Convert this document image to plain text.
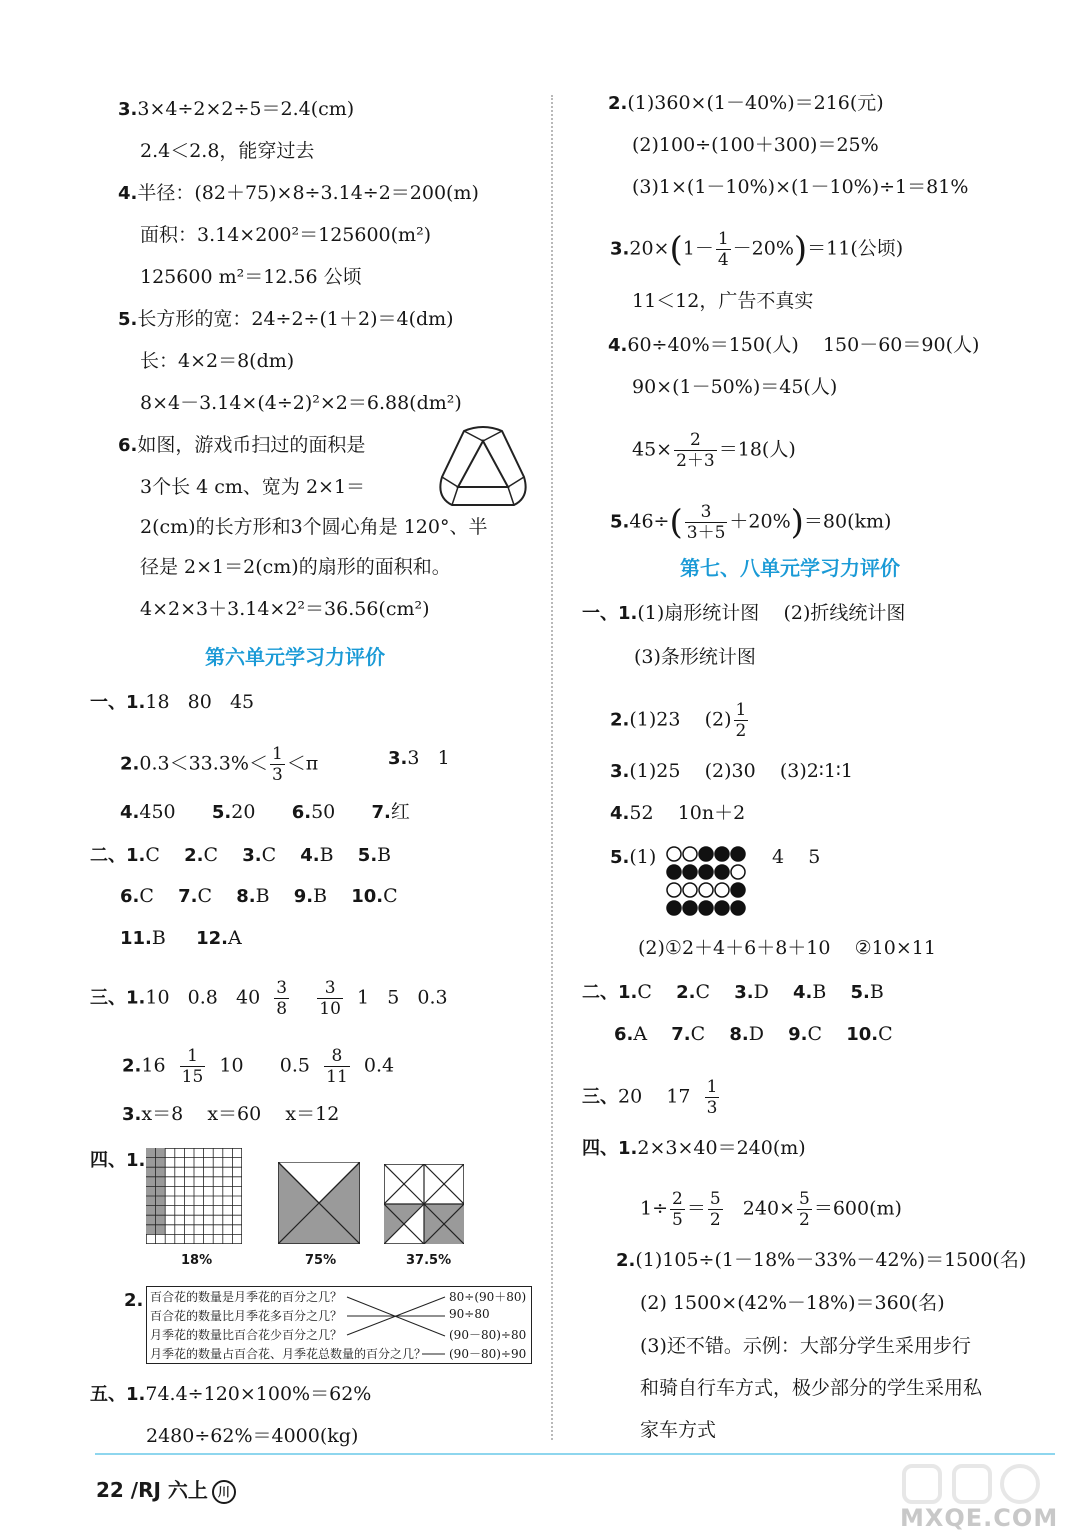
3.3×4÷2×2÷5＝2.4(cm)
2.4＜2.8，能穿过去
4.半径：(82＋75)×8÷3.14÷2＝200(m)
面积：3.14×200²＝125600(m²)
125600 m²＝12.56 公顷
5.长方形的宽：24÷2÷(1＋2)＝4(dm)
长：4×2＝8(dm)
8×4－3.14×(4÷2)²×2＝6.88(dm²)
6.如图，游戏币扫过的面积是
3个长 4 cm、宽为 2×1＝
2(cm)的长方形和3个圆心角是 120°、半
径是 2×1＝2(cm)的扇形的面积和。
4×2×3＋3.14×2²＝36.56(cm²)
第六单元学习力评价
一、1.18   80   45
$2.0.3<33.3\%< \frac{1}{3} <\pi$	3.3   1
4.450 5.20 6.50 7.红
二、1.C 2.C 3.C 4.B 5.B
6.C 7.C 8.B 9.B 10.C
11.B 12.A
三、1.10   0.8   $40 \frac{3}{8}$
$\frac{3}{10} 1$   5   0.3
$2.16 \frac{1}{15} 10$      $0.5 \frac{8}{11} 0.4$
3.x＝8    x＝60    x＝12
四、1.
18%	75%	37.5%
2. 百合花的数量是月季花的百分之几？
百合花的数量比月季花多百分之几？
月季花的数量比百合花少百分之几？
月季花的数量占百合花、月季花总数量的百分之几？
80÷(90＋80)
90÷80
(90－80)÷80
(90－80)÷90
五、1.74.4÷120×100%＝62%
2480÷62%＝4000(kg)
2.(1)360×(1－40%)＝216(元)
(2)100÷(100＋300)＝25%
(3)1×(1－10%)×(1－10%)÷1＝81%
$3.20\times(1- \frac{1}{4} -20\%)=11$(公顷)
11＜12，广告不真实
4.60÷40%＝150(人)    150－60＝90(人)
90×(1－50%)＝45(人)
$45\times \frac{2}{2+3} =18$(人)
$5.46\div( \frac{3}{3+5} +20\%)=80(km)$
第七、八单元学习力评价
一、1.(1)扇形统计图    (2)折线统计图
(3)条形统计图
2.(1)23    $(2) \frac{1}{2}$
3.(1)25    (2)30    (3)2∶1∶1
4.52    10n＋2
5.(1)	4    5
(2)①2＋4＋6＋8＋10    ②10×11
二、1.C 2.C 3.D 4.B 5.B
6.A 7.C 8.D 9.C 10.C
三、20    $17 \frac{1}{3}$
四、1.2×3×40＝240(m)
$1\div \frac{2}{5} = \frac{5}{2} 240\times \frac{5}{2} =600(m)$
2.(1)105÷(1－18%－33%－42%)＝1500(名)
(2) 1500×(42%－18%)＝360(名)
(3)还不错。示例：大部分学生采用步行
和骑自行车方式，极少部分的学生采用私
家车方式
22 /RJ 六上 川
MXQE.COM
